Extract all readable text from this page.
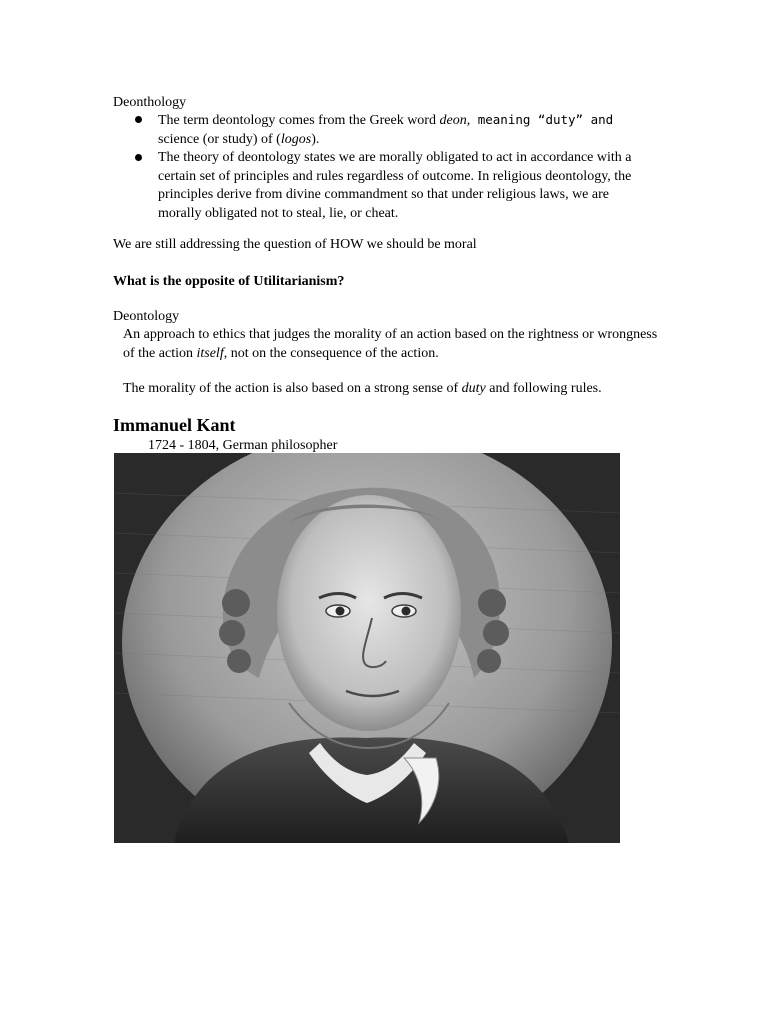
Deonthology
The term deontology comes from the Greek word deon, meaning “duty” and
science (or study) of (logos).
The theory of deontology states we are morally obligated to act in accordance with a certain set of principles and rules regardless of outcome. In religious deontology, the principles derive from divine commandment so that under religious laws, we are morally obligated not to steal, lie, or cheat.
We are still addressing the question of HOW we should be moral
What is the opposite of Utilitarianism?
Deontology
An approach to ethics that judges the morality of an action based on the rightness or wrongness of the action itself, not on the consequence of the action.
The morality of the action is also based on a strong sense of duty and following rules.
Immanuel Kant
1724 - 1804, German philosopher
